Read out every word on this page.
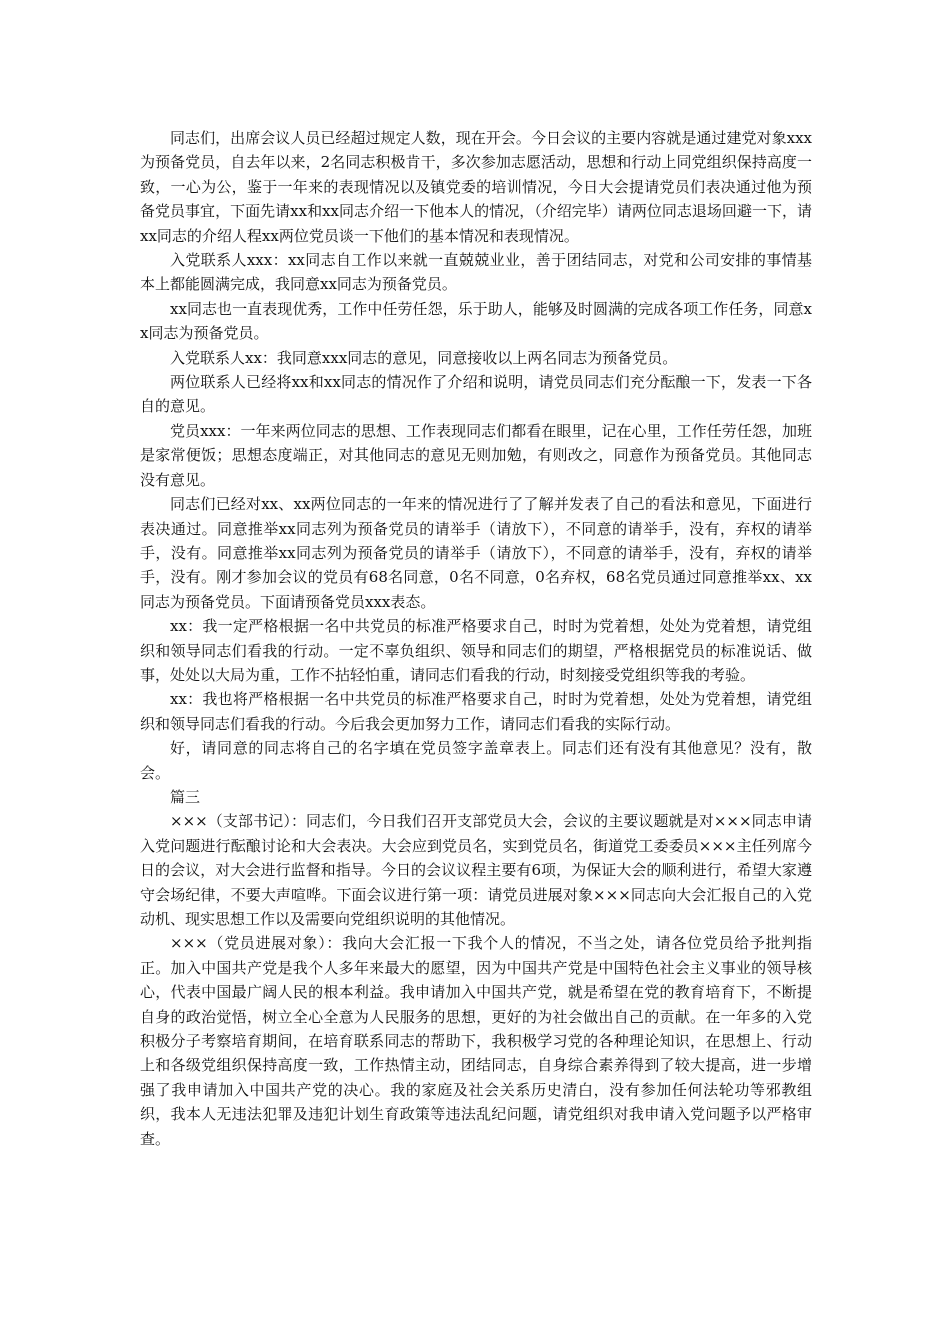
同志们，出席会议人员已经超过规定人数，现在开会。今日会议的主要内容就是通过建党对象xxx为预备党员，自去年以来，2名同志积极肯干，多次参加志愿活动，思想和行动上同党组织保持高度一致，一心为公，鉴于一年来的表现情况以及镇党委的培训情况，今日大会提请党员们表决通过他为预备党员事宜，下面先请xx和xx同志介绍一下他本人的情况，（介绍完毕）请两位同志退场回避一下，请xx同志的介绍人程xx两位党员谈一下他们的基本情况和表现情况。

入党联系人xxx：xx同志自工作以来就一直兢兢业业，善于团结同志，对党和公司安排的事情基本上都能圆满完成，我同意xx同志为预备党员。

xx同志也一直表现优秀，工作中任劳任怨，乐于助人，能够及时圆满的完成各项工作任务，同意xx同志为预备党员。

入党联系人xx：我同意xxx同志的意见，同意接收以上两名同志为预备党员。

两位联系人已经将xx和xx同志的情况作了介绍和说明，请党员同志们充分酝酿一下，发表一下各自的意见。

党员xxx：一年来两位同志的思想、工作表现同志们都看在眼里，记在心里，工作任劳任怨，加班是家常便饭；思想态度端正，对其他同志的意见无则加勉，有则改之，同意作为预备党员。其他同志没有意见。

同志们已经对xx、xx两位同志的一年来的情况进行了了解并发表了自己的看法和意见，下面进行表决通过。同意推举xx同志列为预备党员的请举手（请放下），不同意的请举手，没有，弃权的请举手，没有。同意推举xx同志列为预备党员的请举手（请放下），不同意的请举手，没有，弃权的请举手，没有。刚才参加会议的党员有68名同意，0名不同意，0名弃权，68名党员通过同意推举xx、xx同志为预备党员。下面请预备党员xxx表态。

xx：我一定严格根据一名中共党员的标准严格要求自己，时时为党着想，处处为党着想，请党组织和领导同志们看我的行动。一定不辜负组织、领导和同志们的期望，严格根据党员的标准说话、做事，处处以大局为重，工作不拈轻怕重，请同志们看我的行动，时刻接受党组织等我的考验。

xx：我也将严格根据一名中共党员的标准严格要求自己，时时为党着想，处处为党着想，请党组织和领导同志们看我的行动。今后我会更加努力工作，请同志们看我的实际行动。

好，请同意的同志将自己的名字填在党员签字盖章表上。同志们还有没有其他意见？没有，散会。

篇三

×××（支部书记）：同志们，今日我们召开支部党员大会，会议的主要议题就是对×××同志申请入党问题进行酝酿讨论和大会表决。大会应到党员名，实到党员名，街道党工委委员×××主任列席今日的会议，对大会进行监督和指导。今日的会议议程主要有6项，为保证大会的顺利进行，希望大家遵守会场纪律，不要大声喧哗。下面会议进行第一项：请党员进展对象×××同志向大会汇报自己的入党动机、现实思想工作以及需要向党组织说明的其他情况。

×××（党员进展对象）：我向大会汇报一下我个人的情况，不当之处，请各位党员给予批判指正。加入中国共产党是我个人多年来最大的愿望，因为中国共产党是中国特色社会主义事业的领导核心，代表中国最广阔人民的根本利益。我申请加入中国共产党，就是希望在党的教育培育下，不断提自身的政治觉悟，树立全心全意为人民服务的思想，更好的为社会做出自己的贡献。在一年多的入党积极分子考察培育期间，在培育联系同志的帮助下，我积极学习党的各种理论知识，在思想上、行动上和各级党组织保持高度一致，工作热情主动，团结同志，自身综合素养得到了较大提高，进一步增强了我申请加入中国共产党的决心。我的家庭及社会关系历史清白，没有参加任何法轮功等邪教组织，我本人无违法犯罪及违犯计划生育政策等违法乱纪问题，请党组织对我申请入党问题予以严格审查。
